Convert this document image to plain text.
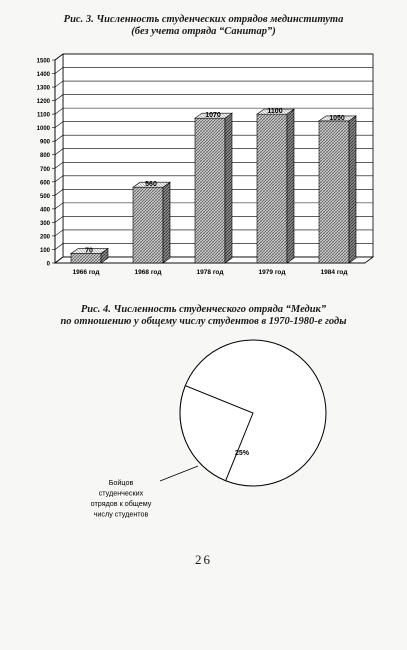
Рис. 3. Численность студенческих отрядов мединститута
(без учета отряда “Санитар”)
0
100
200
300
400
500
600
700
800
900
1000
1100
1200
1300
1400
1500
70
1966 год
560
1968 год
1070
1978 год
1100
1979 год
1050
1984 год
Рис. 4. Численность студенческого отряда “Медик”
по отношению у общему числу студентов в 1970-1980-е годы
25%
Бойцов
студенческих
отрядов к общему
числу студентов
26
